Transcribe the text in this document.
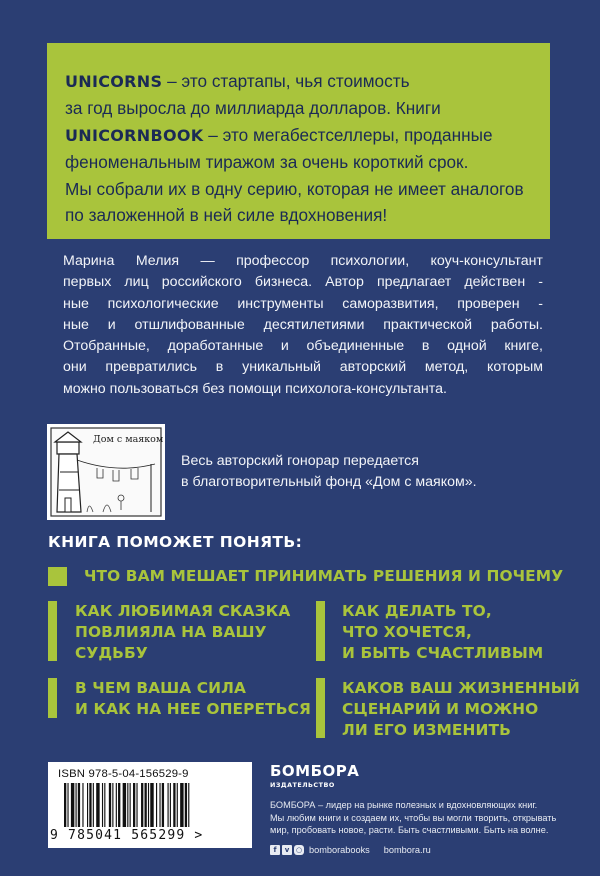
UNICORNS – это стартапы, чья стоимость
за год выросла до миллиарда долларов. Книги
UNICORNBOOK – это мегабестселлеры, проданные
феноменальным тиражом за очень короткий срок.
Мы собрали их в одну серию, которая не имеет аналогов
по заложенной в ней силе вдохновения!
Марина Мелия — профессор психологии, коуч-консультант
первых лиц российского бизнеса. Автор предлагает действен -
ные психологические инструменты саморазвития, проверен -
ные и отшлифованные десятилетиями практической работы.
Отобранные, доработанные и объединенные в одной книге,
они превратились в уникальный авторский метод, которым
можно пользоваться без помощи психолога-консультанта.
Дом с маяком
Весь авторский гонорар передается
в благотворительный фонд «Дом с маяком».
КНИГА ПОМОЖЕТ ПОНЯТЬ:
ЧТО ВАМ МЕШАЕТ ПРИНИМАТЬ РЕШЕНИЯ И ПОЧЕМУ
КАК ЛЮБИМАЯ СКАЗКА
ПОВЛИЯЛА НА ВАШУ
СУДЬБУ
КАК ДЕЛАТЬ ТО,
ЧТО ХОЧЕТСЯ,
И БЫТЬ СЧАСТЛИВЫМ
В ЧЕМ ВАША СИЛА
И КАК НА НЕЕ ОПЕРЕТЬСЯ
КАКОВ ВАШ ЖИЗНЕННЫЙ
СЦЕНАРИЙ И МОЖНО
ЛИ ЕГО ИЗМЕНИТЬ
ISBN 978-5-04-156529-9
9 785041 565299 >
БОМБОРА
ИЗДАТЕЛЬСТВО
БОМБОРА – лидер на рынке полезных и вдохновляющих книг.
Мы любим книги и создаем их, чтобы вы могли творить, открывать
мир, пробовать новое, расти. Быть счастливыми. Быть на волне.
f	v ○ bomborabooks bombora.ru
